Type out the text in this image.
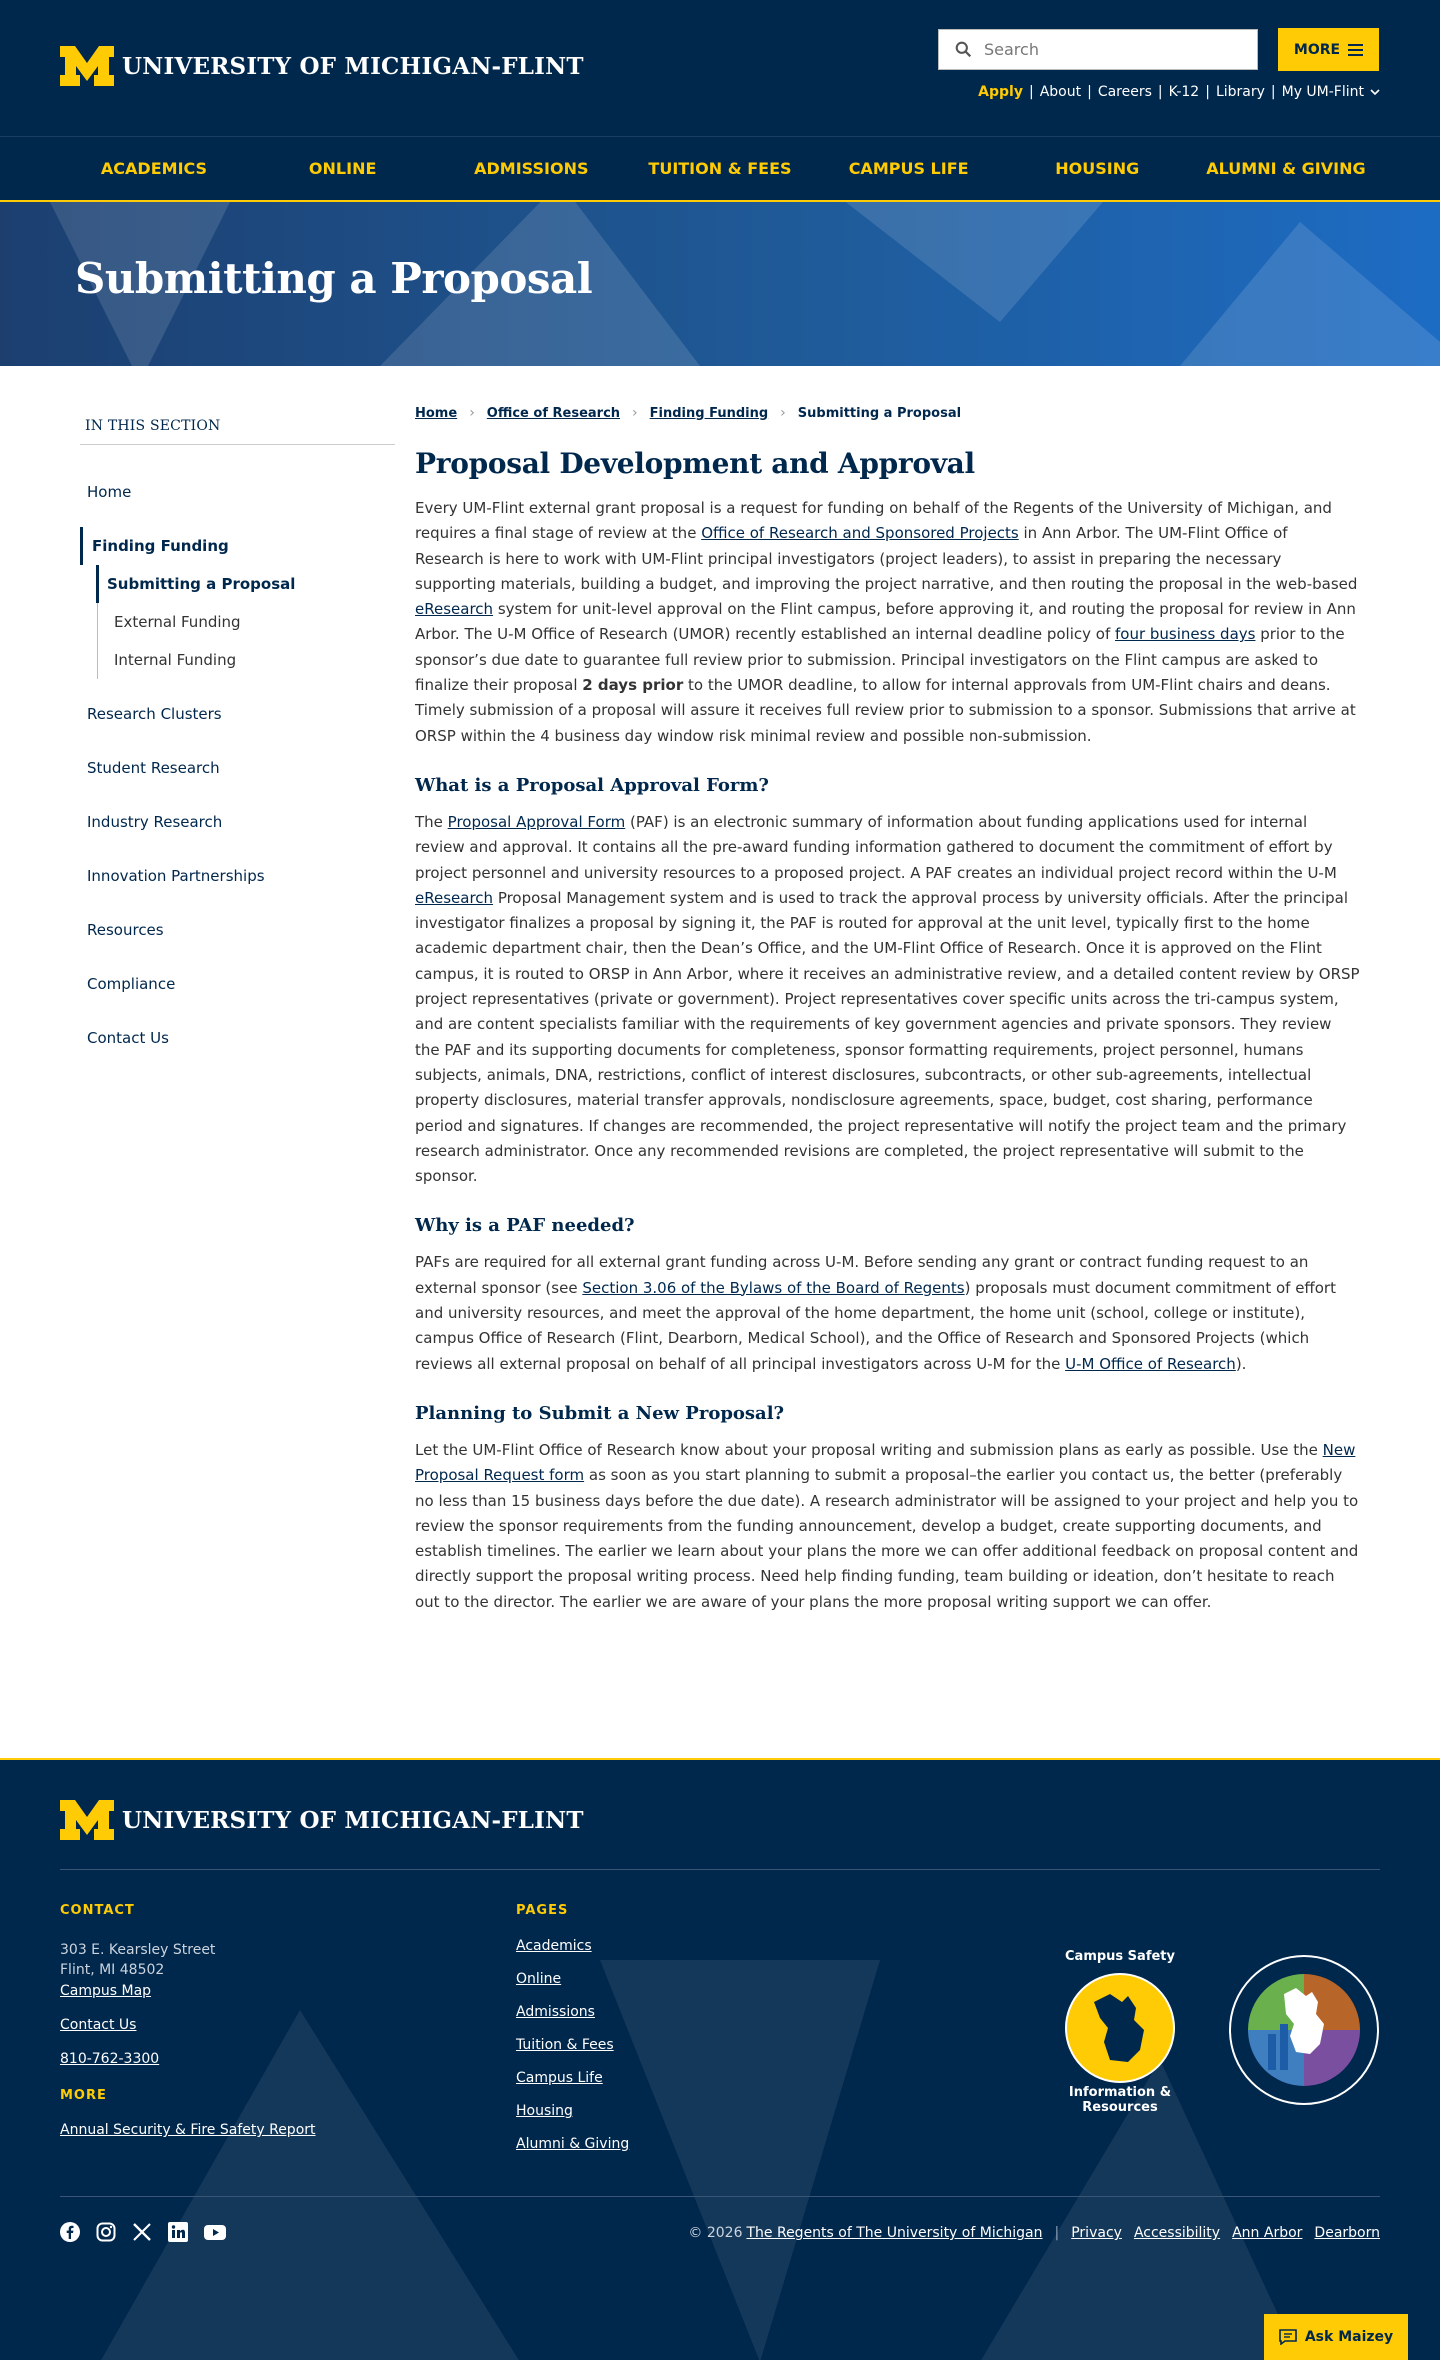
UNIVERSITY OF MICHIGAN-FLINT
Search
MORE
Apply | About | Careers | K-12 | Library | My UM-Flint
ACADEMICS	ONLINE	ADMISSIONS	TUITION & FEES	CAMPUS LIFE	HOUSING	ALUMNI & GIVING
Submitting a Proposal
IN THIS SECTION
Home
Finding Funding
Submitting a Proposal
External Funding
Internal Funding
Research Clusters
Student Research
Industry Research
Innovation Partnerships
Resources
Compliance
Contact Us
Home › Office of Research › Finding Funding › Submitting a Proposal
Proposal Development and Approval

Every UM-Flint external grant proposal is a request for funding on behalf of the Regents of the University of Michigan, and requires a final stage of review at the Office of Research and Sponsored Projects in Ann Arbor. The UM-Flint Office of Research is here to work with UM-Flint principal investigators (project leaders), to assist in preparing the necessary supporting materials, building a budget, and improving the project narrative, and then routing the proposal in the web-based eResearch system for unit-level approval on the Flint campus, before approving it, and routing the proposal for review in Ann Arbor. The U-M Office of Research (UMOR) recently established an internal deadline policy of four business days prior to the sponsor’s due date to guarantee full review prior to submission. Principal investigators on the Flint campus are asked to finalize their proposal 2 days prior to the UMOR deadline, to allow for internal approvals from UM-Flint chairs and deans. Timely submission of a proposal will assure it receives full review prior to submission to a sponsor. Submissions that arrive at ORSP within the 4 business day window risk minimal review and possible non-submission.

What is a Proposal Approval Form?

The Proposal Approval Form (PAF) is an electronic summary of information about funding applications used for internal review and approval. It contains all the pre-award funding information gathered to document the commitment of effort by project personnel and university resources to a proposed project. A PAF creates an individual project record within the U-M eResearch Proposal Management system and is used to track the approval process by university officials. After the principal investigator finalizes a proposal by signing it, the PAF is routed for approval at the unit level, typically first to the home academic department chair, then the Dean’s Office, and the UM-Flint Office of Research. Once it is approved on the Flint campus, it is routed to ORSP in Ann Arbor, where it receives an administrative review, and a detailed content review by ORSP project representatives (private or government). Project representatives cover specific units across the tri-campus system, and are content specialists familiar with the requirements of key government agencies and private sponsors. They review the PAF and its supporting documents for completeness, sponsor formatting requirements, project personnel, humans subjects, animals, DNA, restrictions, conflict of interest disclosures, subcontracts, or other sub-agreements, intellectual property disclosures, material transfer approvals, nondisclosure agreements, space, budget, cost sharing, performance period and signatures. If changes are recommended, the project representative will notify the project team and the primary research administrator. Once any recommended revisions are completed, the project representative will submit to the sponsor.

Why is a PAF needed?

PAFs are required for all external grant funding across U-M. Before sending any grant or contract funding request to an external sponsor (see Section 3.06 of the Bylaws of the Board of Regents) proposals must document commitment of effort and university resources, and meet the approval of the home department, the home unit (school, college or institute), campus Office of Research (Flint, Dearborn, Medical School), and the Office of Research and Sponsored Projects (which reviews all external proposal on behalf of all principal investigators across U-M for the U-M Office of Research).

Planning to Submit a New Proposal?

Let the UM-Flint Office of Research know about your proposal writing and submission plans as early as possible. Use the New Proposal Request form as soon as you start planning to submit a proposal–the earlier you contact us, the better (preferably no less than 15 business days before the due date). A research administrator will be assigned to your project and help you to review the sponsor requirements from the funding announcement, develop a budget, create supporting documents, and establish timelines. The earlier we learn about your plans the more we can offer additional feedback on proposal content and directly support the proposal writing process. Need help finding funding, team building or ideation, don’t hesitate to reach out to the director. The earlier we are aware of your plans the more proposal writing support we can offer.

UNIVERSITY OF MICHIGAN-FLINT
CONTACT
303 E. Kearsley Street
Flint, MI 48502
Campus Map
Contact Us
810-762-3300
MORE
Annual Security & Fire Safety Report
PAGES
Academics
Online
Admissions
Tuition & Fees
Campus Life
Housing
Alumni & Giving
Campus Safety
Information & Resources
© 2026 The Regents of The University of Michigan | Privacy Accessibility Ann Arbor Dearborn
Ask Maizey
